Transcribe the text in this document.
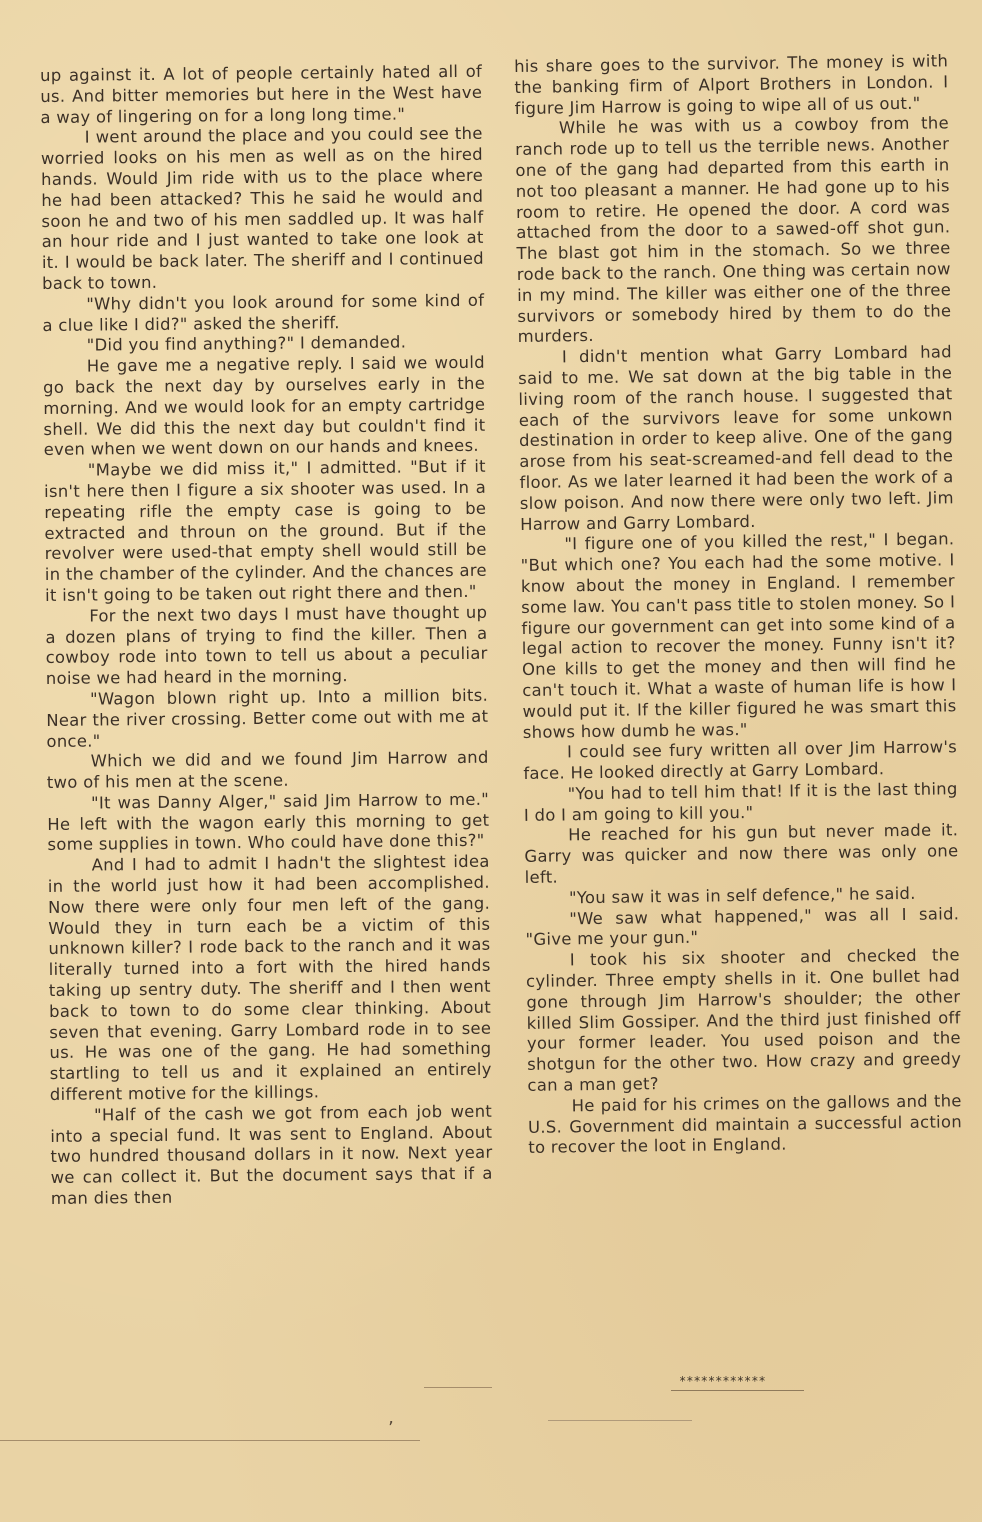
up against it. A lot of people certainly hated all of us. And bitter memories but here in the West have a way of lingering on for a long long time."

I went around the place and you could see the worried looks on his men as well as on the hired hands. Would Jim ride with us to the place where he had been attacked? This he said he would and soon he and two of his men saddled up. It was half an hour ride and I just wanted to take one look at it. I would be back later. The sheriff and I continued back to town.

"Why didn't you look around for some kind of a clue like I did?" asked the sheriff.

"Did you find anything?" I demanded.

He gave me a negative reply. I said we would go back the next day by ourselves early in the morning. And we would look for an empty cartridge shell. We did this the next day but couldn't find it even when we went down on our hands and knees.

"Maybe we did miss it," I admitted. "But if it isn't here then I figure a six shooter was used. In a repeating rifle the empty case is going to be extracted and throun on the ground. But if the revolver were used-that empty shell would still be in the chamber of the cylinder. And the chances are it isn't going to be taken out right there and then."

For the next two days I must have thought up a dozen plans of trying to find the killer. Then a cowboy rode into town to tell us about a peculiar noise we had heard in the morning.

"Wagon blown right up. Into a million bits. Near the river crossing. Better come out with me at once."

Which we did and we found Jim Harrow and two of his men at the scene.

"It was Danny Alger," said Jim Harrow to me." He left with the wagon early this morning to get some supplies in town. Who could have done this?"

And I had to admit I hadn't the slightest idea in the world just how it had been accomplished. Now there were only four men left of the gang. Would they in turn each be a victim of this unknown killer? I rode back to the ranch and it was literally turned into a fort with the hired hands taking up sentry duty. The sheriff and I then went back to town to do some clear thinking. About seven that evening. Garry Lombard rode in to see us. He was one of the gang. He had something startling to tell us and it explained an entirely different motive for the killings.

"Half of the cash we got from each job went into a special fund. It was sent to England. About two hundred thousand dollars in it now. Next year we can collect it. But the document says that if a man dies then

his share goes to the survivor. The money is with the banking firm of Alport Brothers in London. I figure Jim Harrow is going to wipe all of us out."

While he was with us a cowboy from the ranch rode up to tell us the terrible news. Another one of the gang had departed from this earth in not too pleasant a manner. He had gone up to his room to retire. He opened the door. A cord was attached from the door to a sawed-off shot gun. The blast got him in the stomach. So we three rode back to the ranch. One thing was certain now in my mind. The killer was either one of the three survivors or somebody hired by them to do the murders.

I didn't mention what Garry Lombard had said to me. We sat down at the big table in the living room of the ranch house. I suggested that each of the survivors leave for some unkown destination in order to keep alive. One of the gang arose from his seat-screamed-and fell dead to the floor. As we later learned it had been the work of a slow poison. And now there were only two left. Jim Harrow and Garry Lombard.

"I figure one of you killed the rest," I began. "But which one? You each had the some motive. I know about the money in England. I remember some law. You can't pass title to stolen money. So I figure our government can get into some kind of a legal action to recover the money. Funny isn't it? One kills to get the money and then will find he can't touch it. What a waste of human life is how I would put it. If the killer figured he was smart this shows how dumb he was."

I could see fury written all over Jim Harrow's face. He looked directly at Garry Lombard.

"You had to tell him that! If it is the last thing I do I am going to kill you."

He reached for his gun but never made it. Garry was quicker and now there was only one left.

"You saw it was in self defence," he said.

"We saw what happened," was all I said. "Give me your gun."

I took his six shooter and checked the cylinder. Three empty shells in it. One bullet had gone through Jim Harrow's shoulder; the other killed Slim Gossiper. And the third just finished off your former leader. You used poison and the shotgun for the other two. How crazy and greedy can a man get?

He paid for his crimes on the gallows and the U.S. Government did maintain a successful action to recover the loot in England.

************
’
